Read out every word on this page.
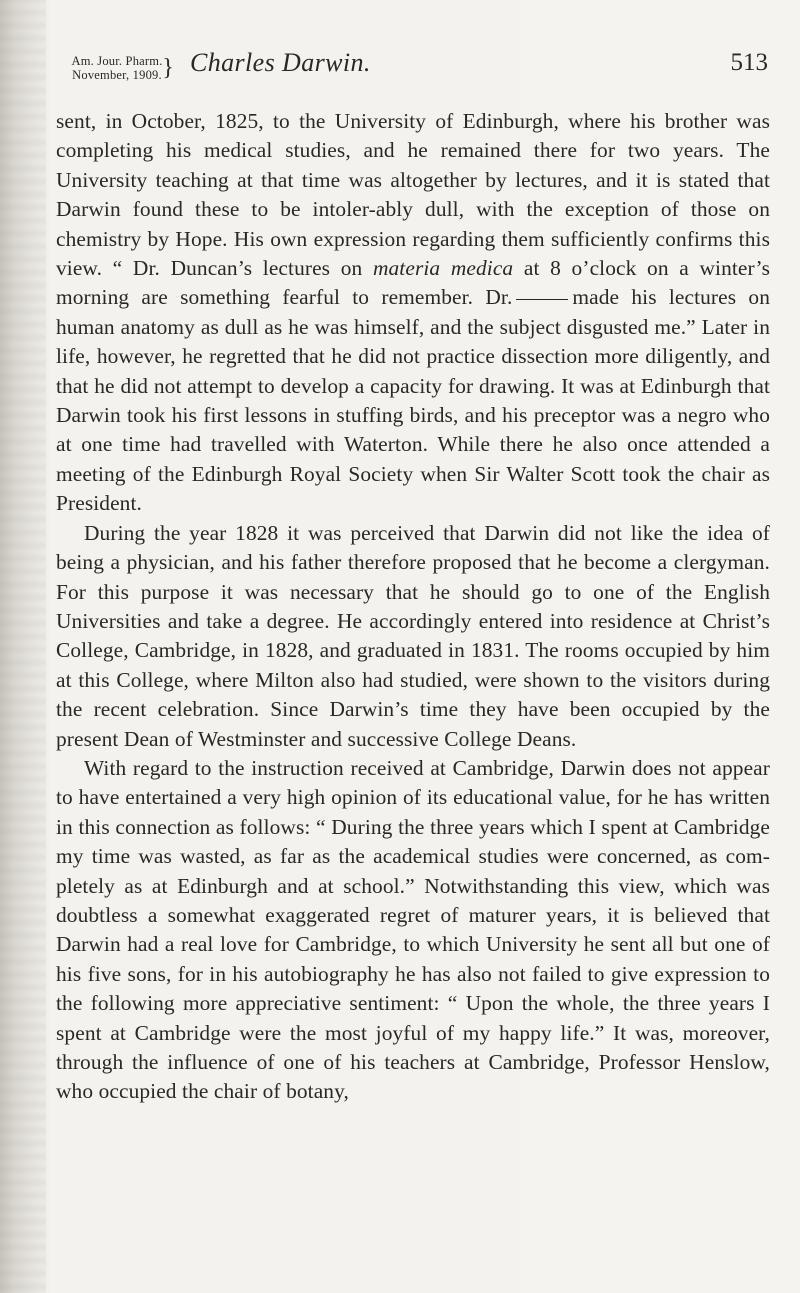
Am. Jour. Pharm.
November, 1909. } Charles Darwin.	513

sent, in October, 1825, to the University of Edinburgh, where his brother was completing his medical studies, and he remained there for two years. The University teaching at that time was altogether by lectures, and it is stated that Darwin found these to be intoler-ably dull, with the exception of those on chemistry by Hope. His own expression regarding them sufficiently confirms this view. “ Dr. Duncan’s lectures on materia medica at 8 o’clock on a winter’s morning are something fearful to remember. Dr.	made his lectures on human anatomy as dull as he was himself, and the subject disgusted me.” Later in life, however, he regretted that he did not practice dissection more diligently, and that he did not attempt to develop a capacity for drawing. It was at Edinburgh that Darwin took his first lessons in stuffing birds, and his preceptor was a negro who at one time had travelled with Waterton. While there he also once attended a meeting of the Edinburgh Royal Society when Sir Walter Scott took the chair as President.

During the year 1828 it was perceived that Darwin did not like the idea of being a physician, and his father therefore proposed that he become a clergyman. For this purpose it was necessary that he should go to one of the English Universities and take a degree. He accordingly entered into residence at Christ’s College, Cambridge, in 1828, and graduated in 1831. The rooms occupied by him at this College, where Milton also had studied, were shown to the visitors during the recent celebration. Since Darwin’s time they have been occupied by the present Dean of Westminster and successive College Deans.

With regard to the instruction received at Cambridge, Darwin does not appear to have entertained a very high opinion of its educational value, for he has written in this connection as follows: “ During the three years which I spent at Cambridge my time was wasted, as far as the academical studies were concerned, as com-pletely as at Edinburgh and at school.” Notwithstanding this view, which was doubtless a somewhat exaggerated regret of maturer years, it is believed that Darwin had a real love for Cambridge, to which University he sent all but one of his five sons, for in his autobiography he has also not failed to give expression to the following more appreciative sentiment: “ Upon the whole, the three years I spent at Cambridge were the most joyful of my happy life.” It was, moreover, through the influence of one of his teachers at Cambridge, Professor Henslow, who occupied the chair of botany,
